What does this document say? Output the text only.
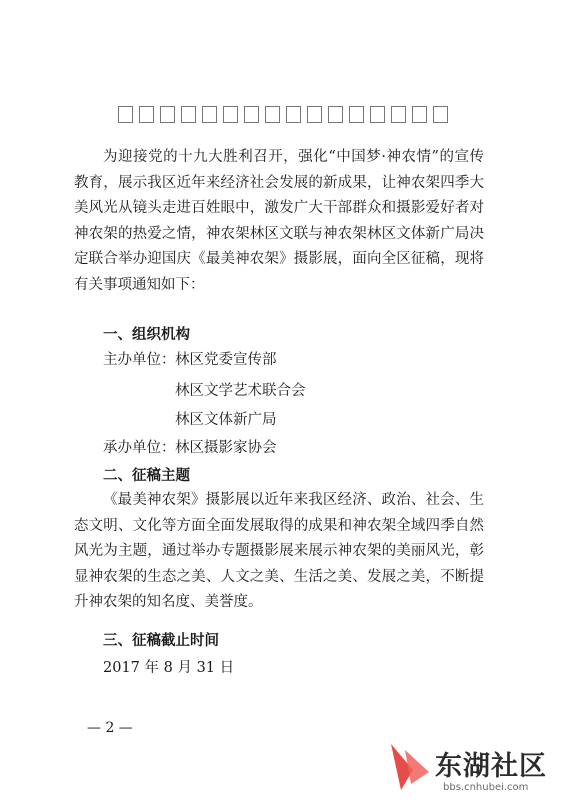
为迎接党的十九大胜利召开，强化“中国梦·神农情”的宣传教育，展示我区近年来经济社会发展的新成果，让神农架四季大美风光从镜头走进百姓眼中，激发广大干部群众和摄影爱好者对神农架的热爱之情，神农架林区文联与神农架林区文体新广局决定联合举办迎国庆《最美神农架》摄影展，面向全区征稿，现将有关事项通知如下：
一、组织机构
主办单位： 林区党委宣传部
林区文学艺术联合会
林区文体新广局
承办单位： 林区摄影家协会
二、征稿主题
《最美神农架》摄影展以近年来我区经济、政治、社会、生态文明、文化等方面全面发展取得的成果和神农架全域四季自然风光为主题，通过举办专题摄影展来展示神农架的美丽风光，彰显神农架的生态之美、人文之美、生活之美、发展之美，不断提升神农架的知名度、美誉度。
三、征稿截止时间
2017 年 8 月 31 日
— 2 —
东湖社区
bbs.cnhubei.com
